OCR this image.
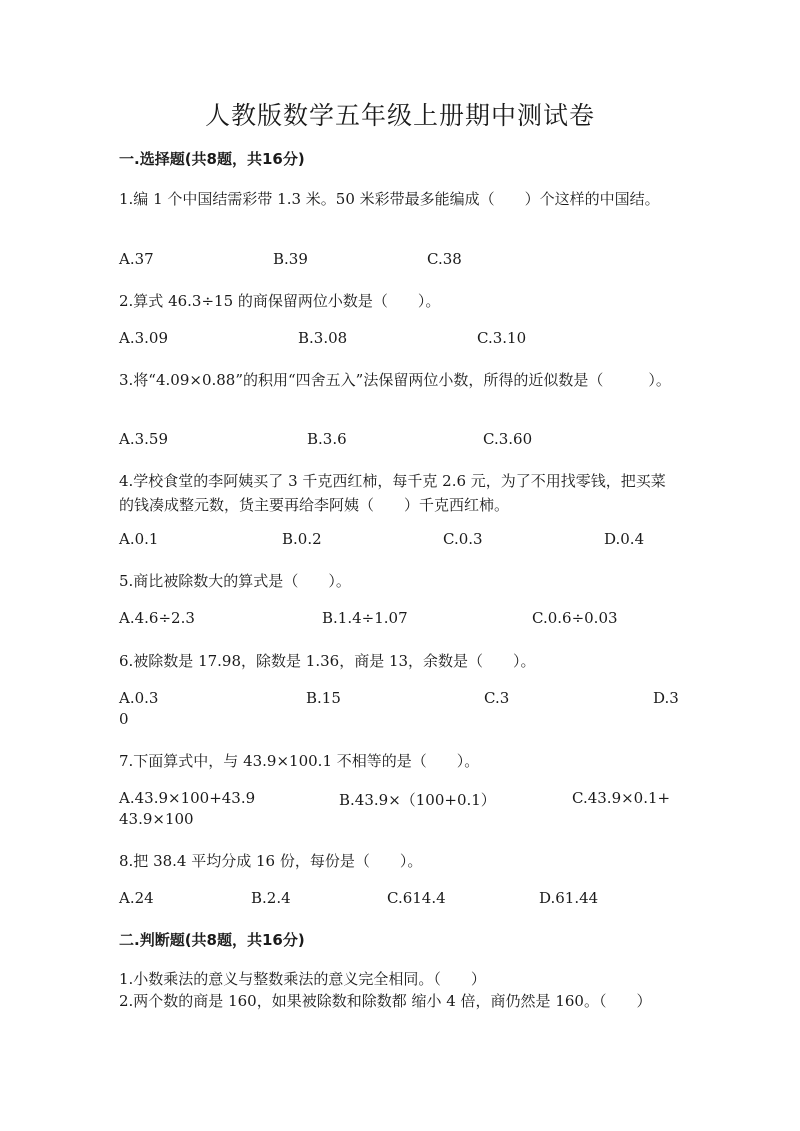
人教版数学五年级上册期中测试卷
一.选择题(共8题，共16分)

1.编 1 个中国结需彩带 1.3 米。50 米彩带最多能编成（　　）个这样的中国结。

A.37	B.39	C.38

2.算式 46.3÷15 的商保留两位小数是（　　）。

A.3.09	B.3.08	C.3.10

3.将“4.09×0.88”的积用“四舍五入”法保留两位小数，所得的近似数是（　　　）。

A.3.59	B.3.6	C.3.60

4.学校食堂的李阿姨买了 3 千克西红柿，每千克 2.6 元，为了不用找零钱，把买菜的钱凑成整元数，货主要再给李阿姨（　　）千克西红柿。

A.0.1	B.0.2	C.0.3	D.0.4

5.商比被除数大的算式是（　　）。

A.4.6÷2.3	B.1.4÷1.07	C.0.6÷0.03

6.被除数是 17.98，除数是 1.36，商是 13，余数是（　　）。

A.0.3	B.15	C.3	D.3
0

7.下面算式中，与 43.9×100.1 不相等的是（　　）。

A.43.9×100+43.9	B.43.9×（100+0.1）	C.43.9×0.1+
43.9×100

8.把 38.4 平均分成 16 份，每份是（　　）。

A.24	B.2.4	C.614.4	D.61.44
二.判断题(共8题，共16分)

1.小数乘法的意义与整数乘法的意义完全相同。（　　）

2.两个数的商是 160，如果被除数和除数都 缩小 4 倍，商仍然是 160。（　　）
